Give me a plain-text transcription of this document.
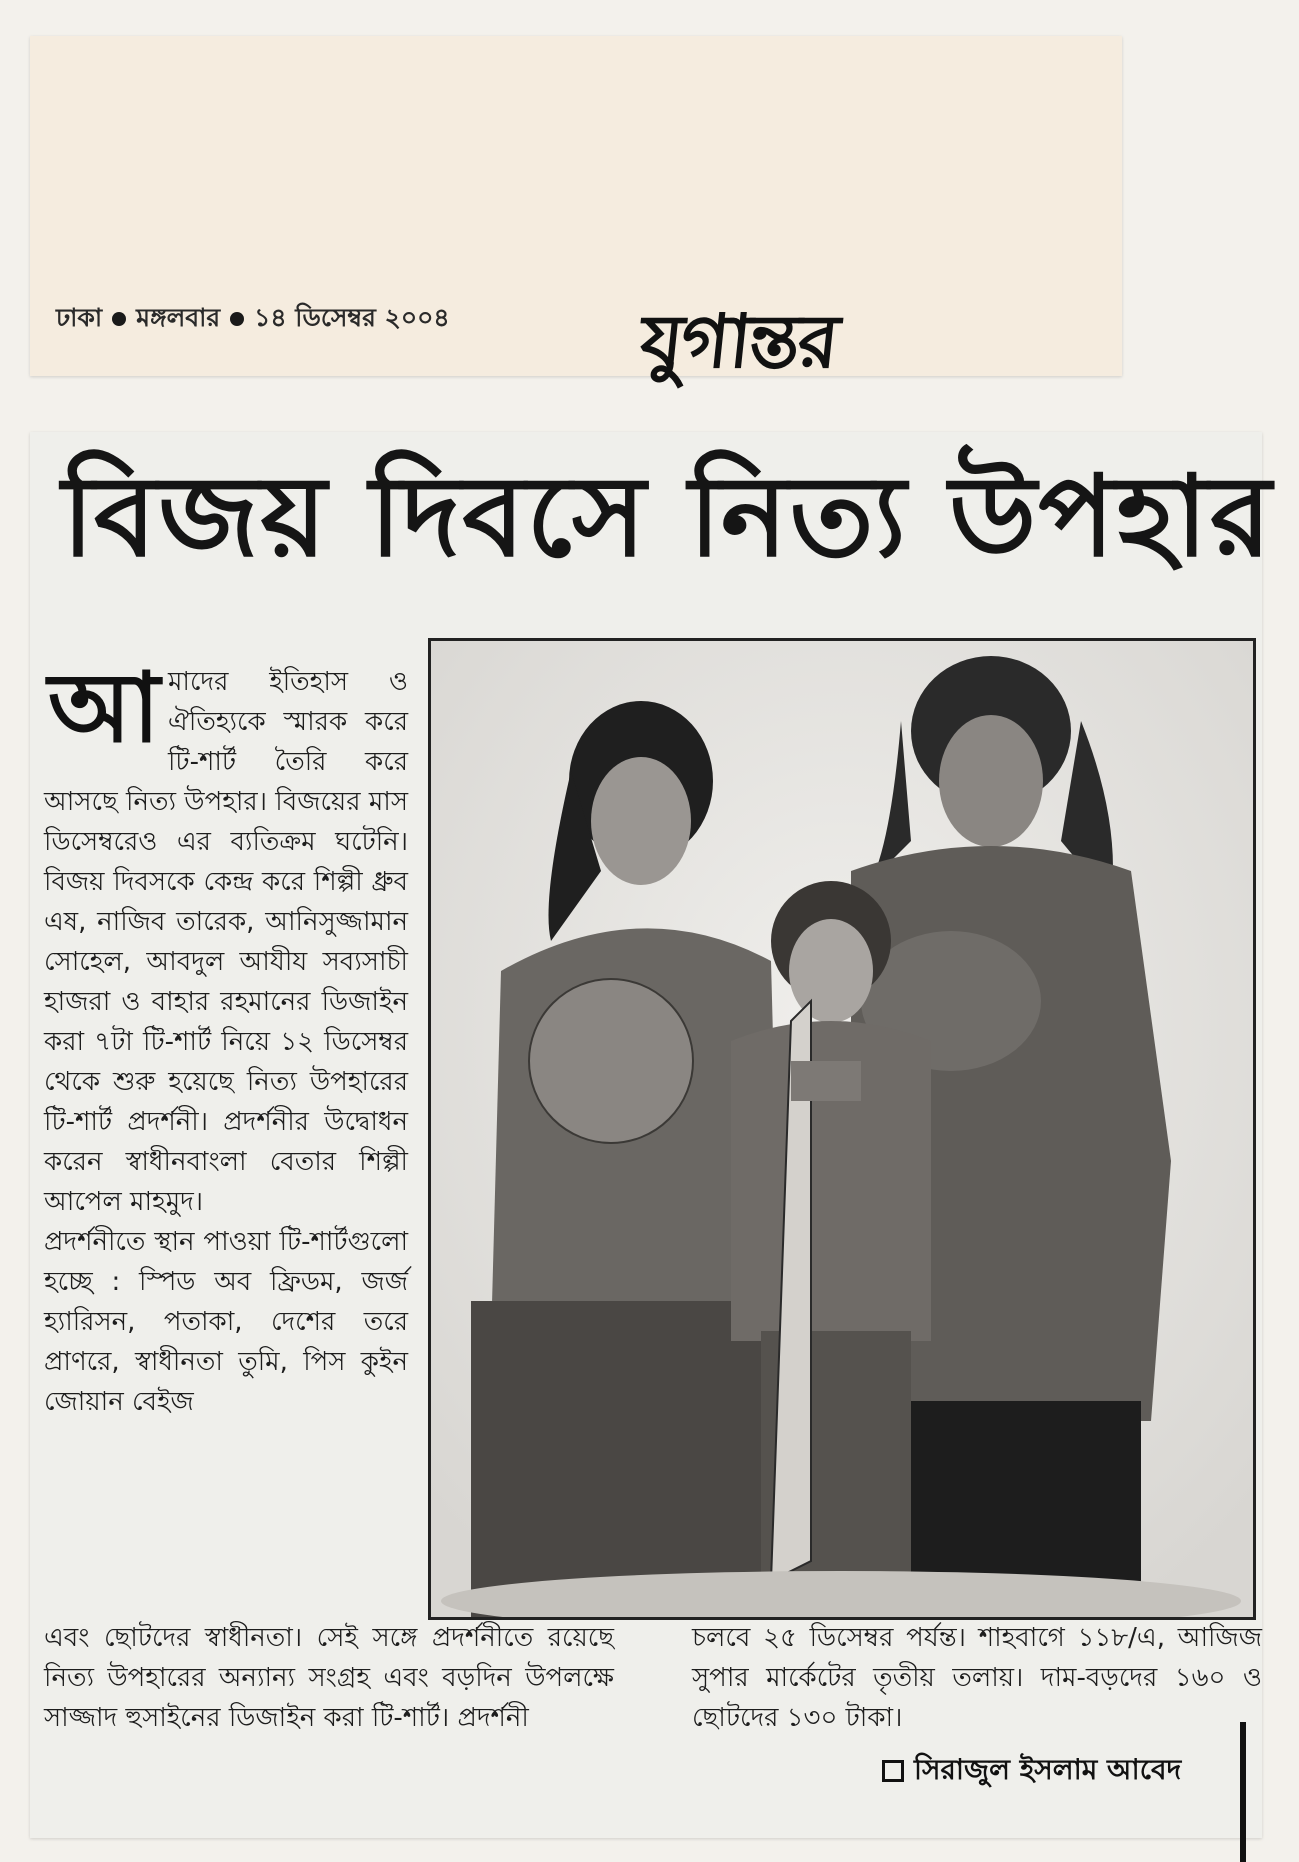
ঢাকা মঙ্গলবার ১৪ ডিসেম্বর ২০০৪	যুগান্তর
বিজয় দিবসে নিত্য উপহার
আ মাদের ইতিহাস ও ঐতিহ্যকে স্মারক করে টি-শার্ট তৈরি করে আসছে নিত্য উপহার। বিজয়ের মাস ডিসেম্বরেও এর ব্যতিক্রম ঘটেনি। বিজয় দিবসকে কেন্দ্র করে শিল্পী ধ্রুব এষ, নাজিব তারেক, আনিসুজ্জামান সোহেল, আবদুল আযীয সব্যসাচী হাজরা ও বাহার রহমানের ডিজাইন করা ৭টা টি-শার্ট নিয়ে ১২ ডিসেম্বর থেকে শুরু হয়েছে নিত্য উপহারের টি-শার্ট প্রদর্শনী। প্রদর্শনীর উদ্বোধন করেন স্বাধীনবাংলা বেতার শিল্পী আপেল মাহমুদ।
প্রদর্শনীতে স্থান পাওয়া টি-শার্টগুলো হচ্ছে : স্পিড অব ফ্রিডম, জর্জ হ্যারিসন, পতাকা, দেশের তরে প্রাণরে, স্বাধীনতা তুমি, পিস কুইন জোয়ান বেইজ
এবং ছোটদের স্বাধীনতা। সেই সঙ্গে প্রদর্শনীতে রয়েছে নিত্য উপহারের অন্যান্য সংগ্রহ এবং বড়দিন উপলক্ষে সাজ্জাদ হুসাইনের ডিজাইন করা টি-শার্ট। প্রদর্শনী
চলবে ২৫ ডিসেম্বর পর্যন্ত। শাহবাগে ১১৮/এ, আজিজ সুপার মার্কেটের তৃতীয় তলায়। দাম-বড়দের ১৬০ ও ছোটদের ১৩০ টাকা।
সিরাজুল ইসলাম আবেদ
